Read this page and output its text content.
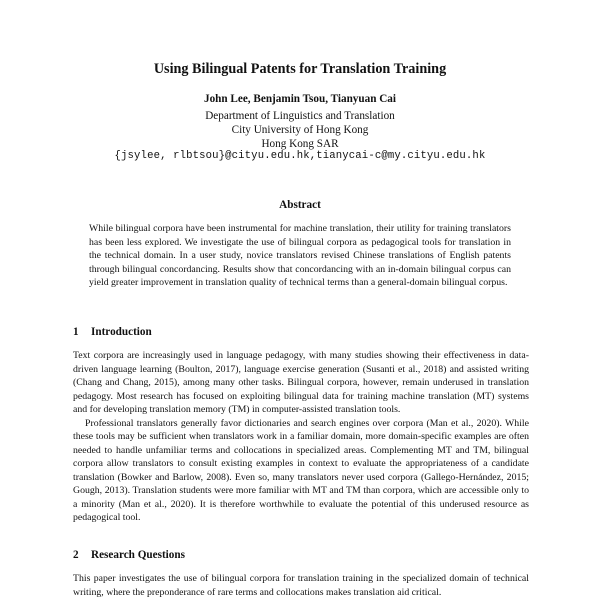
Using Bilingual Patents for Translation Training
John Lee, Benjamin Tsou, Tianyuan Cai
Department of Linguistics and Translation
City University of Hong Kong
Hong Kong SAR
{jsylee, rlbtsou}@cityu.edu.hk,tianycai-c@my.cityu.edu.hk
Abstract
While bilingual corpora have been instrumental for machine translation, their utility for training translators has been less explored. We investigate the use of bilingual corpora as pedagogical tools for translation in the technical domain. In a user study, novice translators revised Chinese translations of English patents through bilingual concordancing. Results show that concordancing with an in-domain bilingual corpus can yield greater improvement in translation quality of technical terms than a general-domain bilingual corpus.
1 Introduction

Text corpora are increasingly used in language pedagogy, with many studies showing their effectiveness in data-driven language learning (Boulton, 2017), language exercise generation (Susanti et al., 2018) and assisted writing (Chang and Chang, 2015), among many other tasks. Bilingual corpora, however, remain underused in translation pedagogy. Most research has focused on exploiting bilingual data for training machine translation (MT) systems and for developing translation memory (TM) in computer-assisted translation tools.

Professional translators generally favor dictionaries and search engines over corpora (Man et al., 2020). While these tools may be sufficient when translators work in a familiar domain, more domain-specific examples are often needed to handle unfamiliar terms and collocations in specialized areas. Complementing MT and TM, bilingual corpora allow translators to consult existing examples in context to evaluate the appropriateness of a candidate translation (Bowker and Barlow, 2008). Even so, many translators never used corpora (Gallego-Hernández, 2015; Gough, 2013). Translation students were more familiar with MT and TM than corpora, which are accessible only to a minority (Man et al., 2020). It is therefore worthwhile to evaluate the potential of this underused resource as pedagogical tool.

2 Research Questions

This paper investigates the use of bilingual corpora for translation training in the specialized domain of technical writing, where the preponderance of rare terms and collocations makes translation aid critical.
